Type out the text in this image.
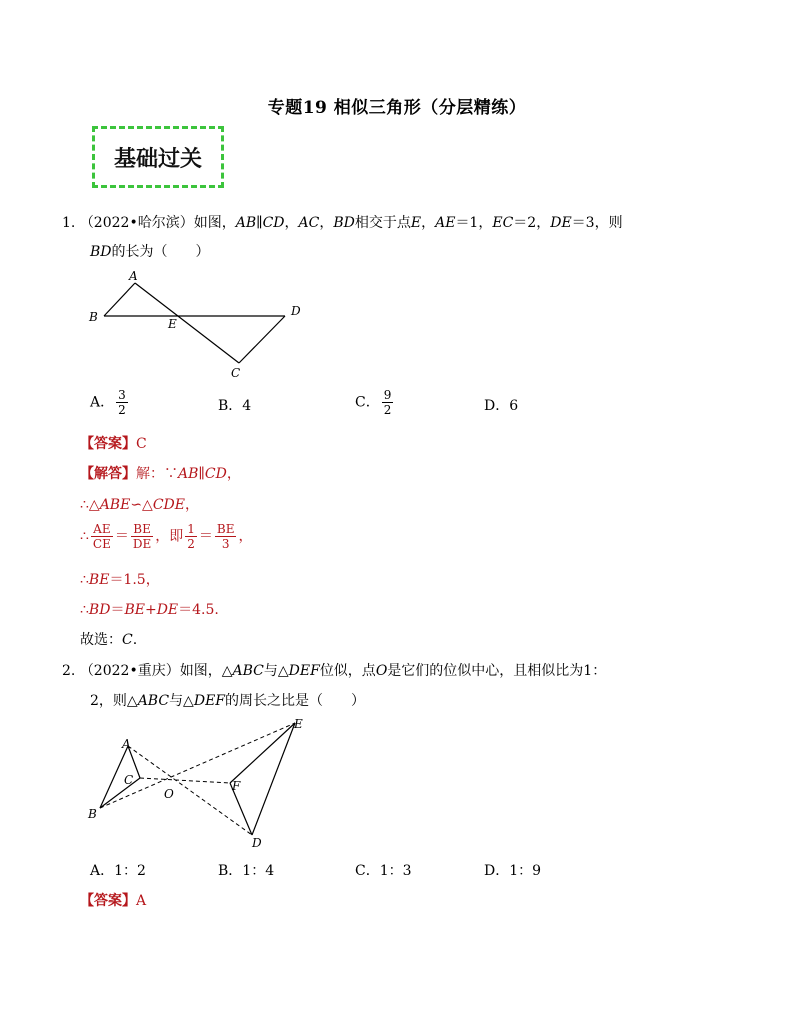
专题19 相似三角形（分层精练）
基础过关
1. （2022•哈尔滨）如图，AB∥CD，AC，BD相交于点E，AE＝1，EC＝2，DE＝3，则
BD的长为（　　）
A
B	E
D
C
A． $\frac{3}{2}$	B．4	C． $\frac{9}{2}$	D．6
【答案】C
【解答】解：∵AB∥CD，
∴△ABE∽△CDE，
∴ $\frac{AE}{CE} = \frac{BE}{DE}$ ，即 $\frac{1}{2} = \frac{BE}{3}$ ，
∴BE＝1.5，
∴BD＝BE+DE＝4.5.
故选：C.
2. （2022•重庆）如图，△ABC与△DEF位似，点O是它们的位似中心，且相似比为1：
2，则△ABC与△DEF的周长之比是（　　）
A
C
B
O
F
E
D
A．1：2	B．1：4	C．1：3	D．1：9
【答案】A
